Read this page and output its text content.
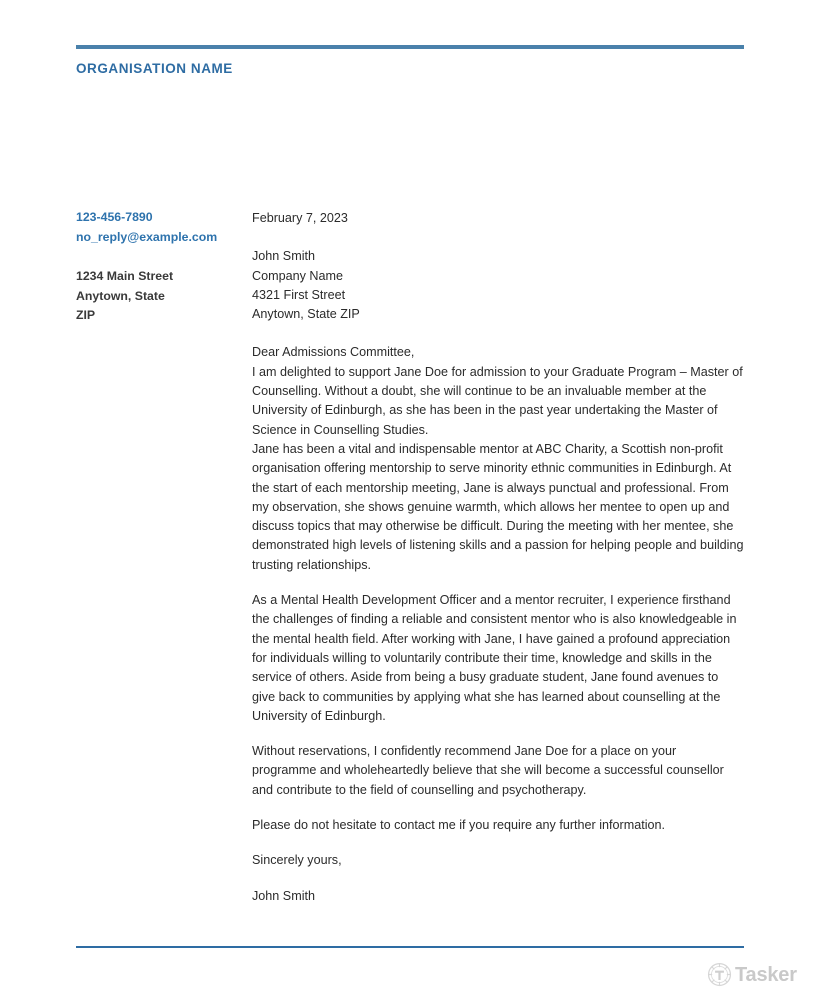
ORGANISATION NAME
123-456-7890
no_reply@example.com
1234 Main Street
Anytown, State
ZIP
February 7, 2023
John Smith
Company Name
4321 First Street
Anytown, State ZIP
Dear Admissions Committee,

I am delighted to support Jane Doe for admission to your Graduate Program – Master of Counselling. Without a doubt, she will continue to be an invaluable member at the University of Edinburgh, as she has been in the past year undertaking the Master of Science in Counselling Studies.

Jane has been a vital and indispensable mentor at ABC Charity, a Scottish non-profit organisation offering mentorship to serve minority ethnic communities in Edinburgh. At the start of each mentorship meeting, Jane is always punctual and professional. From my observation, she shows genuine warmth, which allows her mentee to open up and discuss topics that may otherwise be difficult. During the meeting with her mentee, she demonstrated high levels of listening skills and a passion for helping people and building trusting relationships.

As a Mental Health Development Officer and a mentor recruiter, I experience firsthand the challenges of finding a reliable and consistent mentor who is also knowledgeable in the mental health field. After working with Jane, I have gained a profound appreciation for individuals willing to voluntarily contribute their time, knowledge and skills in the service of others. Aside from being a busy graduate student, Jane found avenues to give back to communities by applying what she has learned about counselling at the University of Edinburgh.

Without reservations, I confidently recommend Jane Doe for a place on your programme and wholeheartedly believe that she will become a successful counsellor and contribute to the field of counselling and psychotherapy.

Please do not hesitate to contact me if you require any further information.

Sincerely yours,

John Smith

Tasker
